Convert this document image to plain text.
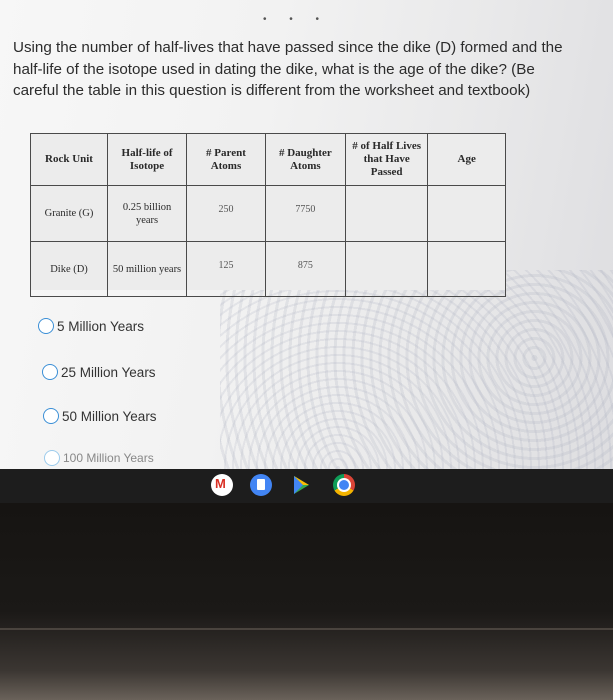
• • •
Using the number of half-lives that have passed since the dike (D) formed and the half-life of the isotope used in dating the dike, what is the age of the dike? (Be careful the table in this question is different from the worksheet and textbook)
Rock Unit	Half-life of Isotope	# Parent Atoms	# Daughter Atoms	# of Half Lives that Have Passed	Age
Granite (G)	0.25 billion years	250	7750		
Dike (D)	50 million years	125	875		
5 Million Years
25 Million Years
50 Million Years
100 Million Years
M
